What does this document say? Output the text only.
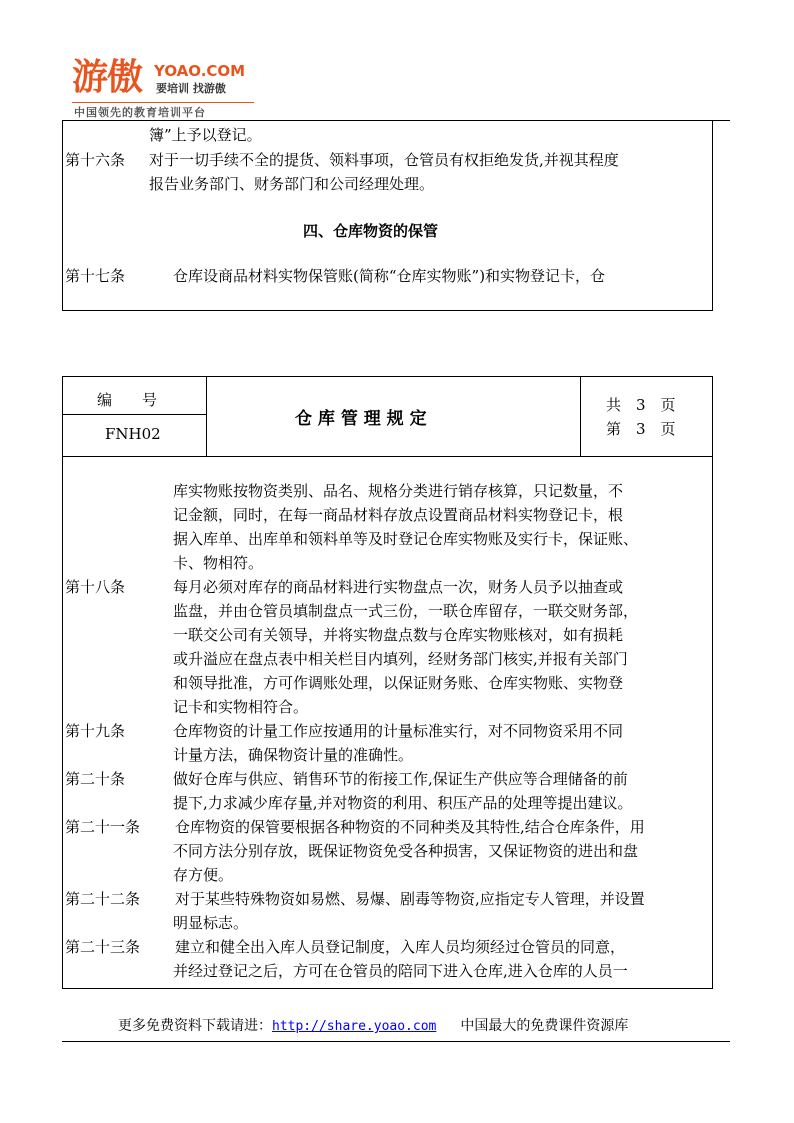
游傲 YOAO.COM
要培训 找游傲
中国领先的教育培训平台
簿”上予以登记。
第十六条 对于一切手续不全的提货、领料事项，仓管员有权拒绝发货,并视其程度
报告业务部门、财务部门和公司经理处理。
四、仓库物资的保管
第十七条	仓库设商品材料实物保管账(简称“仓库实物账”)和实物登记卡，仓
编　　号
FNH02
仓 库 管 理 规 定
共　3　页
第　3　页
库实物账按物资类别、品名、规格分类进行销存核算，只记数量，不
记金额，同时，在每一商品材料存放点设置商品材料实物登记卡，根
据入库单、出库单和领料单等及时登记仓库实物账及实行卡，保证账、
卡、物相符。
第十八条	每月必须对库存的商品材料进行实物盘点一次，财务人员予以抽查或
监盘，并由仓管员填制盘点一式三份，一联仓库留存，一联交财务部，
一联交公司有关领导，并将实物盘点数与仓库实物账核对，如有损耗
或升溢应在盘点表中相关栏目内填列，经财务部门核实,并报有关部门
和领导批准，方可作调账处理，以保证财务账、仓库实物账、实物登
记卡和实物相符合。
第十九条	仓库物资的计量工作应按通用的计量标准实行，对不同物资采用不同
计量方法，确保物资计量的准确性。
第二十条	做好仓库与供应、销售环节的衔接工作,保证生产供应等合理储备的前
提下,力求减少库存量,并对物资的利用、积压产品的处理等提出建议。
第二十一条 仓库物资的保管要根据各种物资的不同种类及其特性,结合仓库条件，用
不同方法分别存放，既保证物资免受各种损害，又保证物资的进出和盘
存方便。
第二十二条 对于某些特殊物资如易燃、易爆、剧毒等物资,应指定专人管理，并设置
明显标志。
第二十三条 建立和健全出入库人员登记制度，入库人员均须经过仓管员的同意，
并经过登记之后，方可在仓管员的陪同下进入仓库,进入仓库的人员一
更多免费资料下载请进：http://share.yoao.com 中国最大的免费课件资源库
